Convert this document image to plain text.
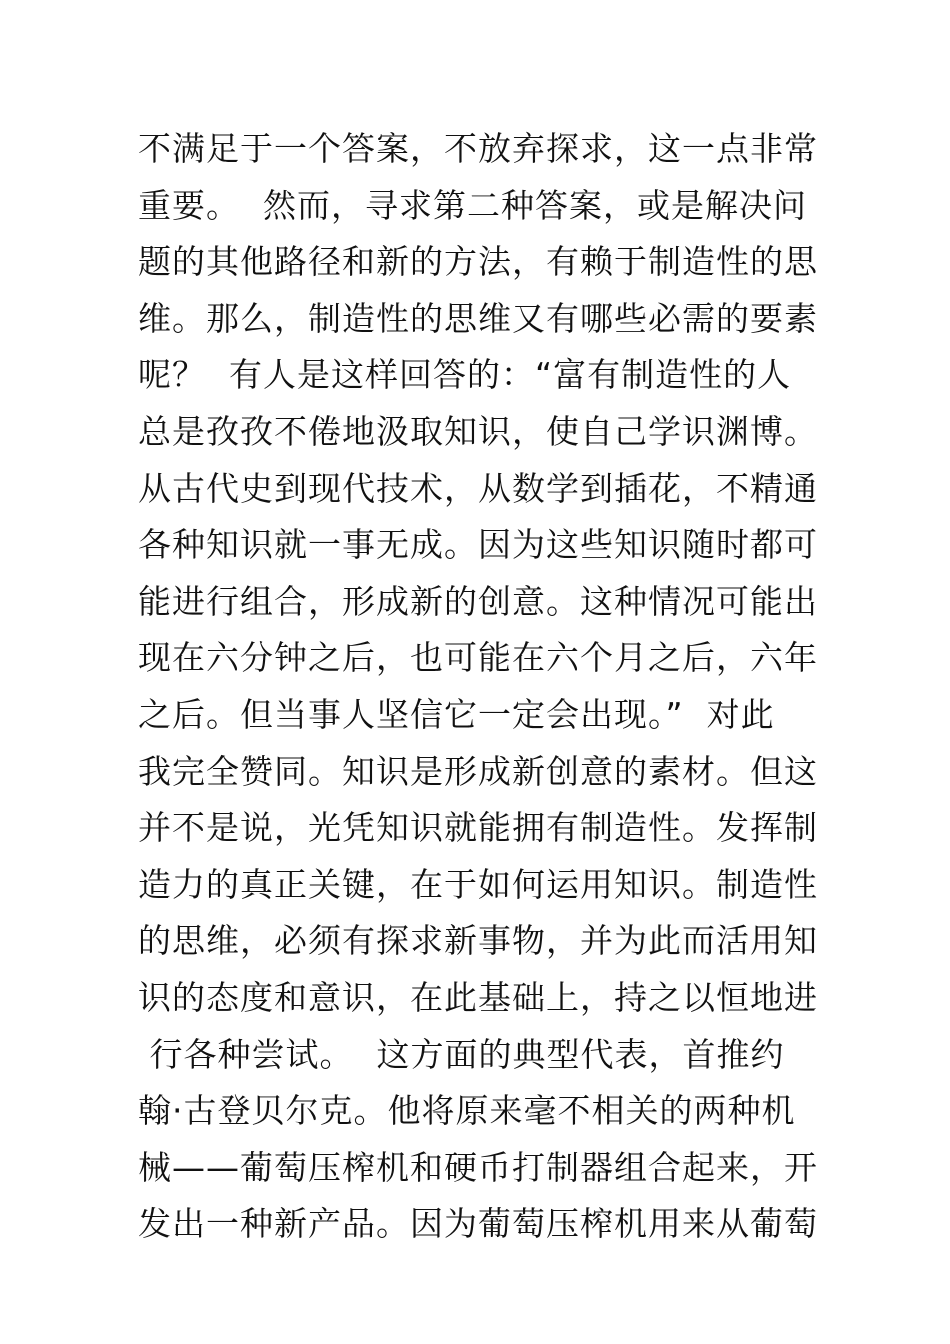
不满足于一个答案，不放弃探求，这一点非常
重要。  然而，寻求第二种答案，或是解决问
题的其他路径和新的方法，有赖于制造性的思
维。那么，制造性的思维又有哪些必需的要素
呢？  有人是这样回答的：“富有制造性的人
总是孜孜不倦地汲取知识，使自己学识渊博。
从古代史到现代技术，从数学到插花，不精通
各种知识就一事无成。因为这些知识随时都可
能进行组合，形成新的创意。这种情况可能出
现在六分钟之后，也可能在六个月之后，六年
之后。但当事人坚信它一定会出现。”  对此
我完全赞同。知识是形成新创意的素材。但这
并不是说，光凭知识就能拥有制造性。发挥制
造力的真正关键，在于如何运用知识。制造性
的思维，必须有探求新事物，并为此而活用知
识的态度和意识，在此基础上，持之以恒地进
行各种尝试。  这方面的典型代表，首推约
翰·古登贝尔克。他将原来毫不相关的两种机
械——葡萄压榨机和硬币打制器组合起来，开
发出一种新产品。因为葡萄压榨机用来从葡萄
